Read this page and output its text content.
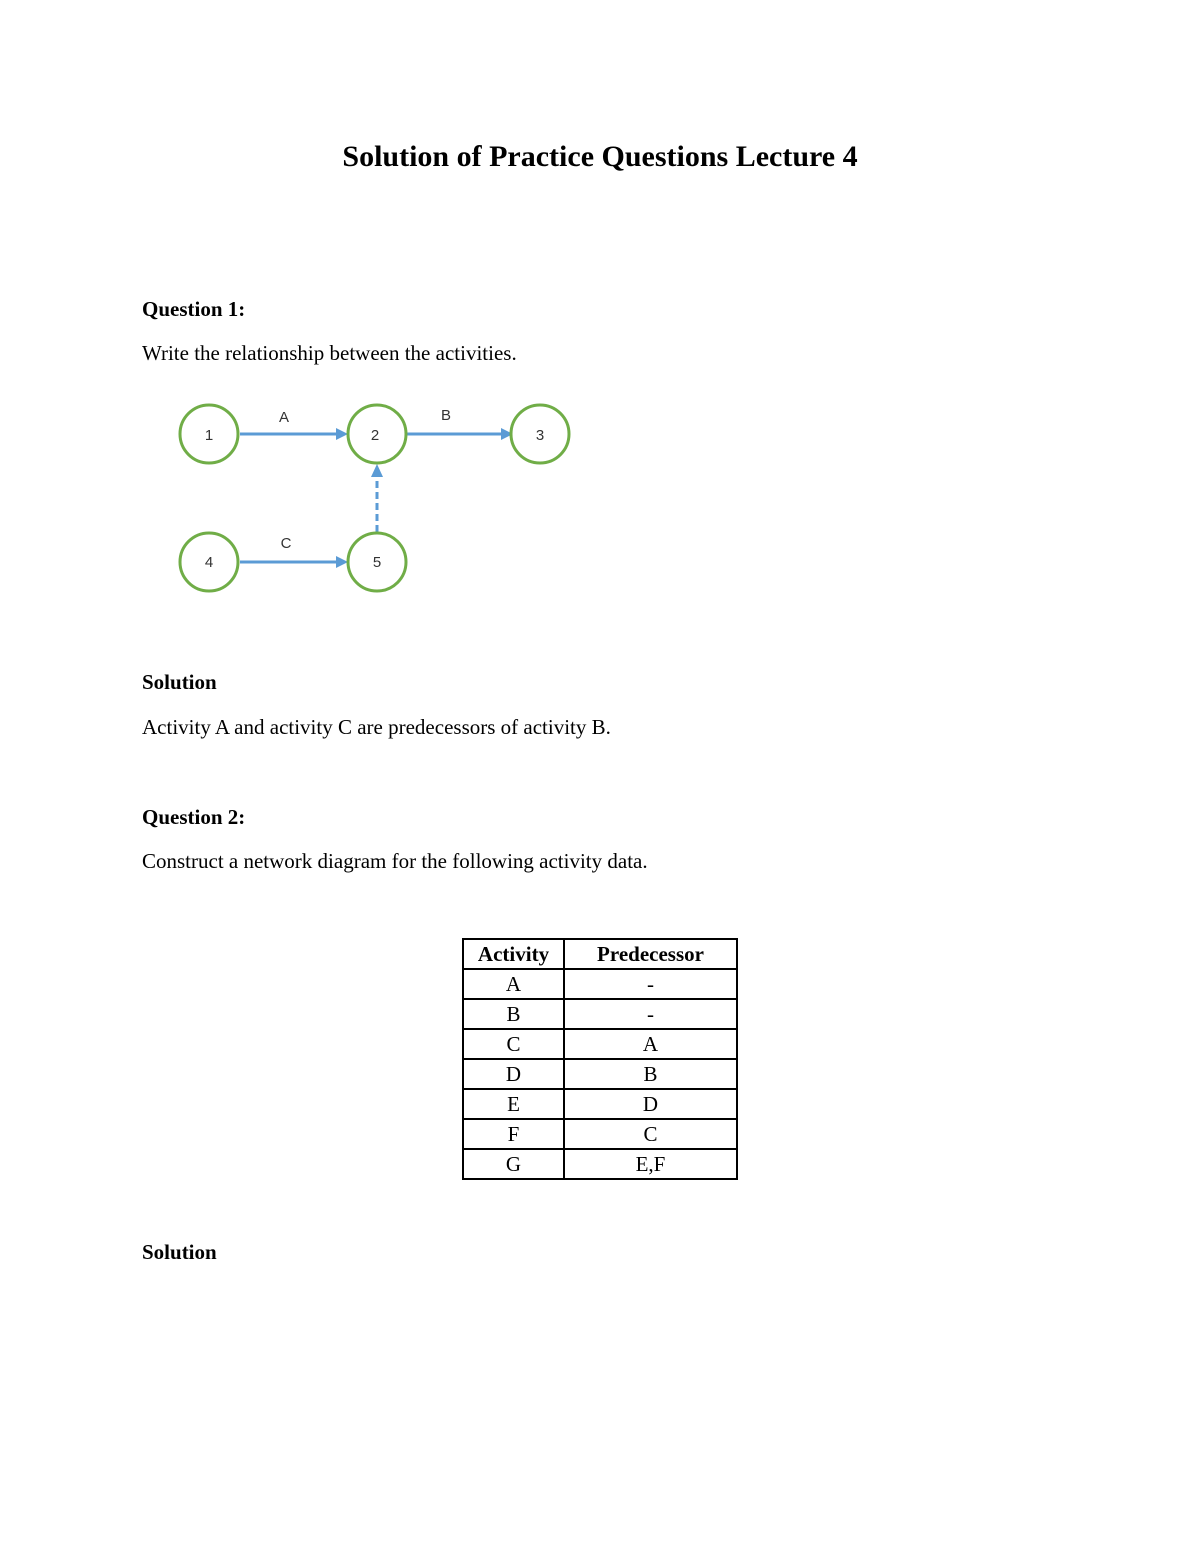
Solution of Practice Questions Lecture 4
Question 1:
Write the relationship between the activities.
A	B
C
1	2	3
4	5
Solution
Activity A and activity C are predecessors of activity B.
Question 2:
Construct a network diagram for the following activity data.
Activity	Predecessor
A	-
B	-
C	A
D	B
E	D
F	C
G	E,F
Solution
